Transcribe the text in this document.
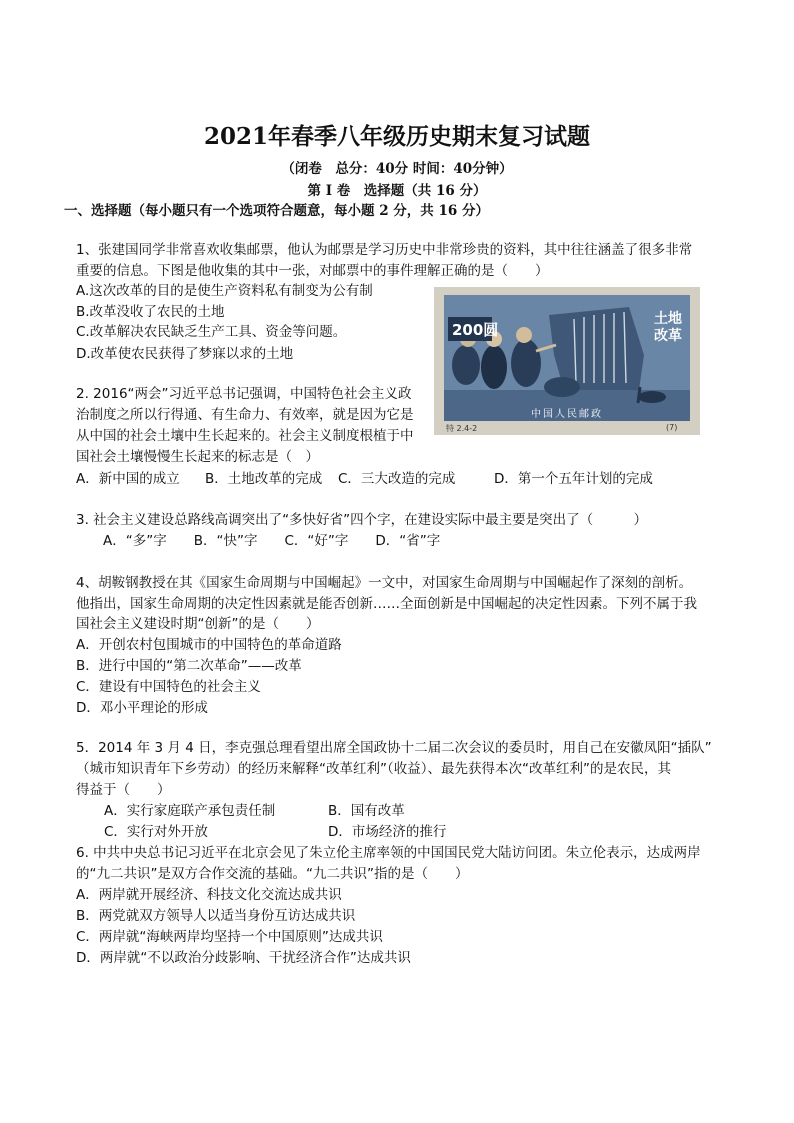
2021年春季八年级历史期末复习试题
（闭卷　总分：40分 时间：40分钟）
第 I 卷　选择题（共 16 分）
一、选择题（每小题只有一个选项符合题意，每小题 2 分，共 16 分）
1、张建国同学非常喜欢收集邮票，他认为邮票是学习历史中非常珍贵的资料，其中往往涵盖了很多非常
重要的信息。下图是他收集的其中一张，对邮票中的事件理解正确的是（　　）
A.这次改革的目的是使生产资料私有制变为公有制
B.改革没收了农民的土地
C.改革解决农民缺乏生产工具、资金等问题。
D.改革使农民获得了梦寐以求的土地
200圆
土地
改革
中国人民邮政
特 2.4-2	(7)
2. 2016“两会”习近平总书记强调，中国特色社会主义政
治制度之所以行得通、有生命力、有效率，就是因为它是
从中国的社会土壤中生长起来的。社会主义制度根植于中
国社会土壤慢慢生长起来的标志是（　）
A．新中国的成立 B．土地改革的完成 C．三大改造的完成	D．第一个五年计划的完成
3. 社会主义建设总路线高调突出了“多快好省”四个字，在建设实际中最主要是突出了（　　　）
A．“多”字　　B．“快”字　　C．“好”字　　D．“省”字
4、胡鞍钢教授在其《国家生命周期与中国崛起》一文中，对国家生命周期与中国崛起作了深刻的剖析。
他指出，国家生命周期的决定性因素就是能否创新……全面创新是中国崛起的决定性因素。下列不属于我
国社会主义建设时期“创新”的是（　　）
A．开创农村包围城市的中国特色的革命道路
B．进行中国的“第二次革命”——改革
C．建设有中国特色的社会主义
D．邓小平理论的形成
5．2014 年 3 月 4 日，李克强总理看望出席全国政协十二届二次会议的委员时，用自己在安徽凤阳“插队”
（城市知识青年下乡劳动）的经历来解释“改革红利”（收益）、最先获得本次“改革红利”的是农民，其
得益于（　　）
A．实行家庭联产承包责任制	B．国有改革
C．实行对外开放	D．市场经济的推行
6. 中共中央总书记习近平在北京会见了朱立伦主席率领的中国国民党大陆访问团。朱立伦表示，达成两岸
的“九二共识”是双方合作交流的基础。“九二共识”指的是（　　）
A．两岸就开展经济、科技文化交流达成共识
B．两党就双方领导人以适当身份互访达成共识
C．两岸就“海峡两岸均坚持一个中国原则”达成共识
D．两岸就“不以政治分歧影响、干扰经济合作”达成共识
